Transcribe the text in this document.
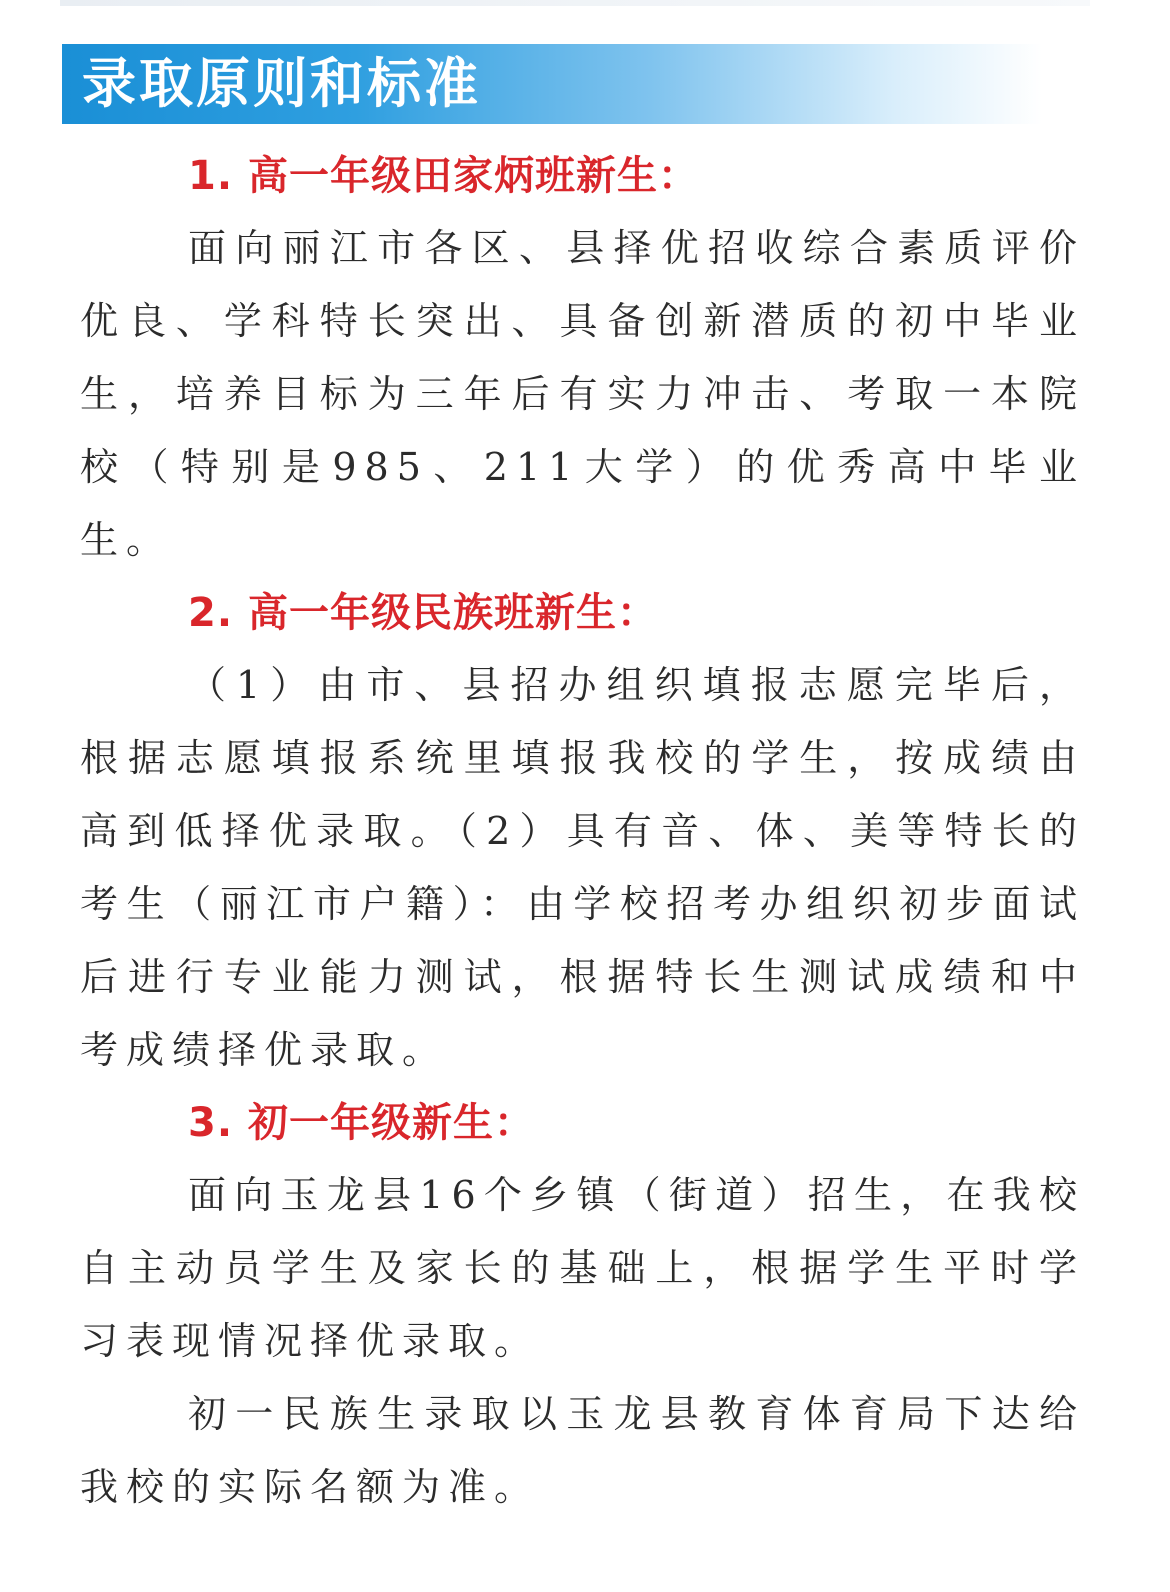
录取原则和标准
1. 高一年级田家炳班新生：

面向丽江市各区、县择优招收综合素质评价优良、学科特长突出、具备创新潜质的初中毕业生，培养目标为三年后有实力冲击、考取一本院校（特别是985、211大学）的优秀高中毕业生。

2. 高一年级民族班新生：

（1）由市、县招办组织填报志愿完毕后，根据志愿填报系统里填报我校的学生，按成绩由高到低择优录取。（2）具有音、体、美等特长的考生（丽江市户籍）：由学校招考办组织初步面试后进行专业能力测试，根据特长生测试成绩和中考成绩择优录取。

3. 初一年级新生：

面向玉龙县16个乡镇（街道）招生，在我校自主动员学生及家长的基础上，根据学生平时学习表现情况择优录取。

初一民族生录取以玉龙县教育体育局下达给我校的实际名额为准。
